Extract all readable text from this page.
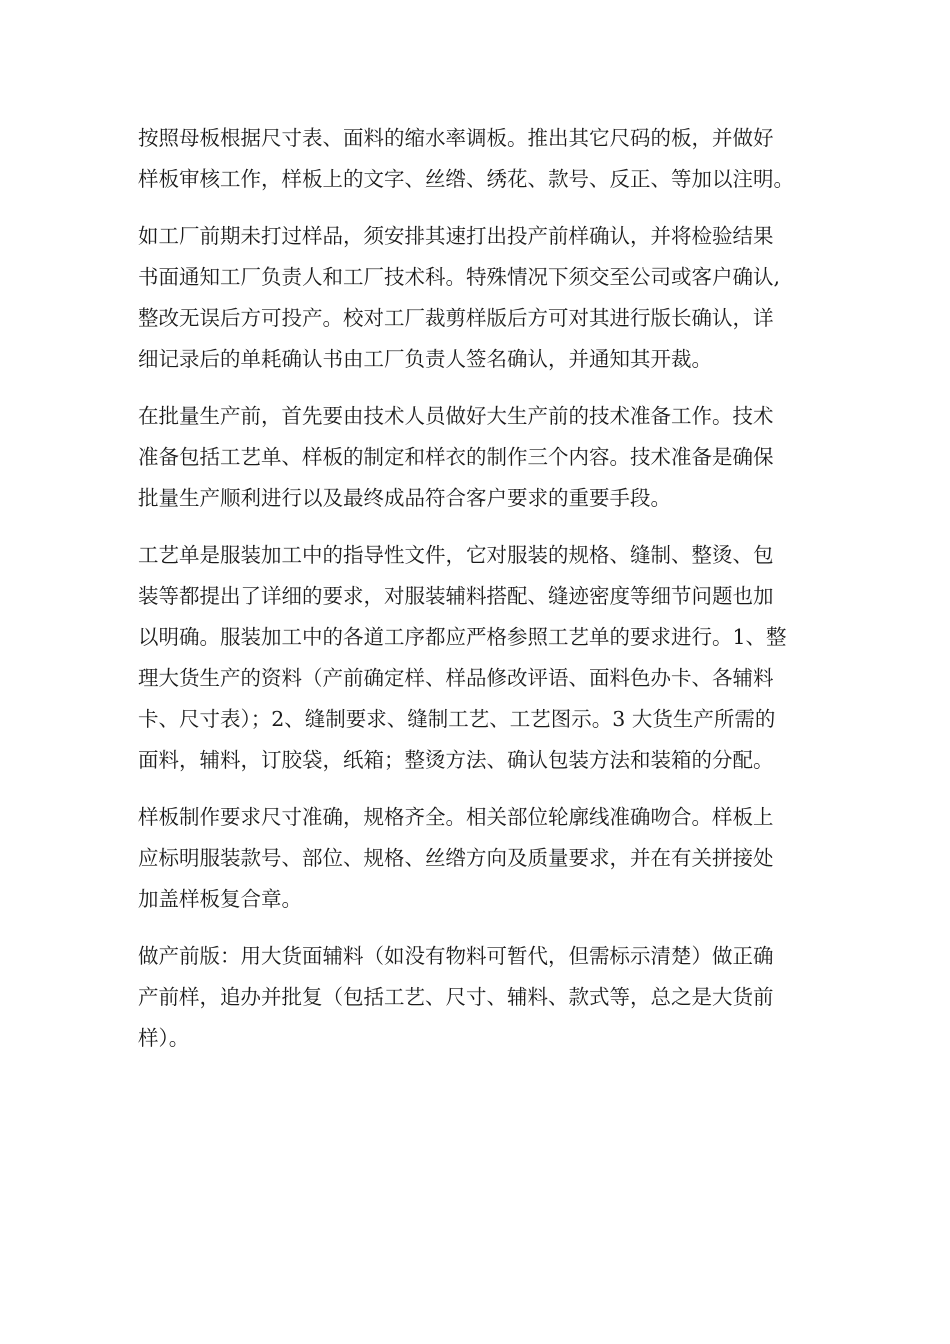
按照母板根据尺寸表、面料的缩水率调板。推出其它尺码的板，并做好
样板审核工作，样板上的文字、丝绺、绣花、款号、反正、等加以注明。

如工厂前期未打过样品，须安排其速打出投产前样确认，并将检验结果
书面通知工厂负责人和工厂技术科。特殊情况下须交至公司或客户确认,
整改无误后方可投产。校对工厂裁剪样版后方可对其进行版长确认，详
细记录后的单耗确认书由工厂负责人签名确认，并通知其开裁。

在批量生产前，首先要由技术人员做好大生产前的技术准备工作。技术
准备包括工艺单、样板的制定和样衣的制作三个内容。技术准备是确保
批量生产顺利进行以及最终成品符合客户要求的重要手段。

工艺单是服装加工中的指导性文件，它对服装的规格、缝制、整烫、包
装等都提出了详细的要求，对服装辅料搭配、缝迹密度等细节问题也加
以明确。服装加工中的各道工序都应严格参照工艺单的要求进行。1、整
理大货生产的资料（产前确定样、样品修改评语、面料色办卡、各辅料
卡、尺寸表）；2、缝制要求、缝制工艺、工艺图示。3 大货生产所需的
面料，辅料，订胶袋，纸箱；整烫方法、确认包装方法和装箱的分配。

样板制作要求尺寸准确，规格齐全。相关部位轮廓线准确吻合。样板上
应标明服装款号、部位、规格、丝绺方向及质量要求，并在有关拼接处
加盖样板复合章。

做产前版：用大货面辅料（如没有物料可暂代，但需标示清楚）做正确
产前样，追办并批复（包括工艺、尺寸、辅料、款式等，总之是大货前
样）。
